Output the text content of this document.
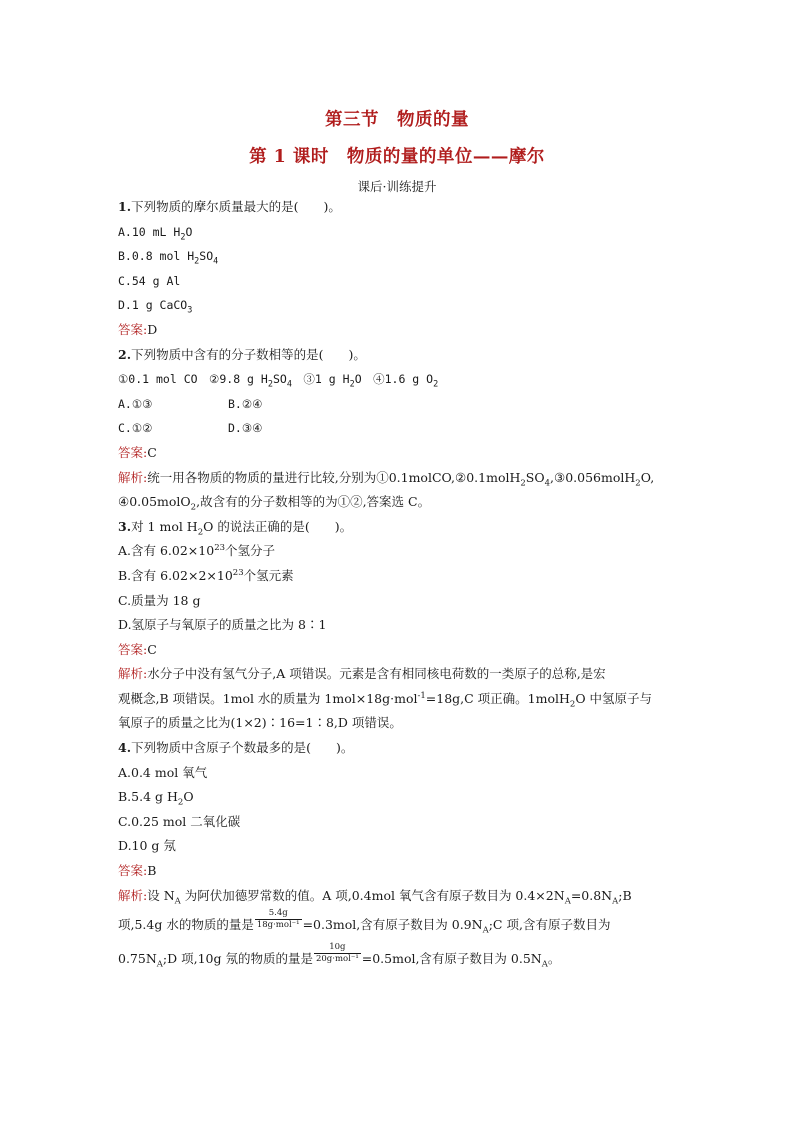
第三节　物质的量
第 1 课时　物质的量的单位——摩尔
课后·训练提升
1.下列物质的摩尔质量最大的是(　　)。
A.10 mL $H_2O$
B.0.8 mol $H_2SO_4$
C.54 g Al
D.1 g CaCO$_3$
答案:D
2.下列物质中含有的分子数相等的是(　　)。
①0.1 mol CO　②9.8 g $H_2SO_4$　③1 g $H_2O$　④1.6 g $O_2$
A.①③	B.②④
C.①②	D.③④
答案:C
解析:统一用各物质的物质的量进行比较,分别为$①0.1molCO,②0.1molH_2SO_4,③0.056molH_2O$,
④0.05molO$_2$,故含有的分子数相等的为①②,答案选 C。
3.对 1 mol $H_2O$ 的说法正确的是(　　)。
A.含有 $6.02\times 10^{23}$个氢分子
B.含有 $6.02\times 2\times 10^{23}$个氢元素
C.质量为 18 g
D.氢原子与氧原子的质量之比为 8∶1
答案:C
解析:水分子中没有氢气分子,A 项错误。元素是含有相同核电荷数的一类原子的总称,是宏
观概念,B 项错误。1mol 水的质量为 1mol×18g·mol$^{-1}$=18g,C 项正确。1molH$_2$O 中氢原子与
氧原子的质量之比为(1×2)∶16=1∶8,D 项错误。
4.下列物质中含原子个数最多的是(　　)。
A.0.4 mol 氧气
B.5.4 g $H_2O$
C.0.25 mol 二氧化碳
D.10 g 氖
答案:B
解析:设 $N_A$ 为阿伏加德罗常数的值。A 项,0.4mol 氧气含有原子数目为 $0.4\times 2N_A=0.8N_A;B$
项,5.4g 水的物质的量是 $\frac{5.4g}{\text{18g·mol⁻¹}} =0.3mol$,含有原子数目为 $0.9N_A;C$ 项,含有原子数目为
$0.75N_A;D$ 项,10g 氖的物质的量是 $\frac{10g}{\text{20g·mol⁻¹}} =0.5mol$,含有原子数目为 $0.5N_A$。
